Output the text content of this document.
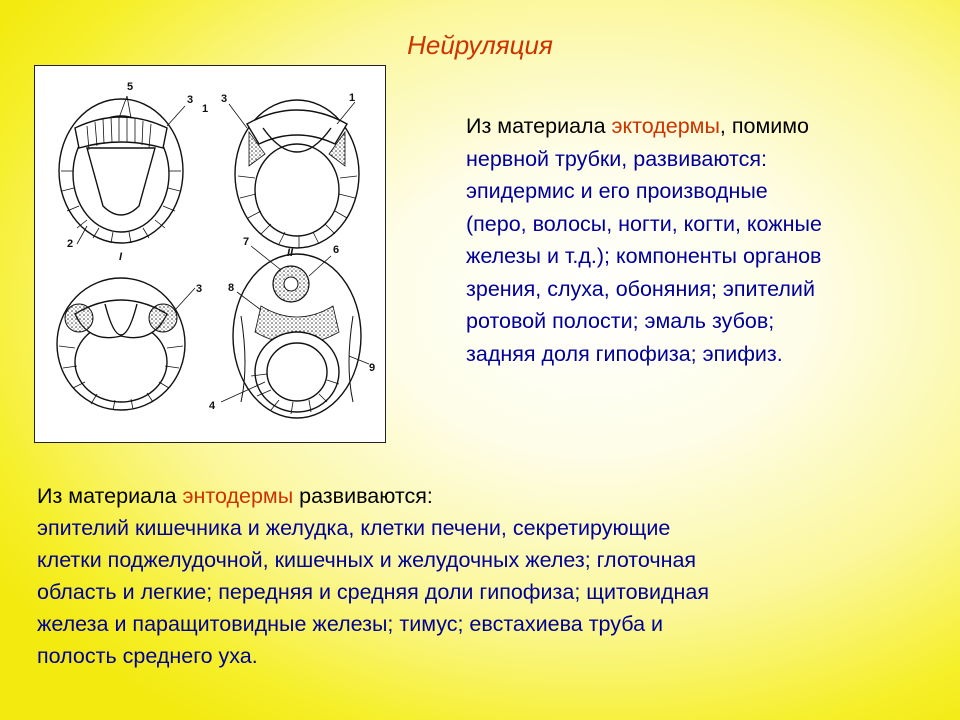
Нейруляция
5
3
1
3	1
2
I	II
3
7
6
8
9
4
Из материала эктодермы, помимо
нервной трубки, развиваются:
эпидермис и его производные
(перо, волосы, ногти, когти, кожные
железы и т.д.); компоненты органов
зрения, слуха, обоняния; эпителий
ротовой полости; эмаль зубов;
задняя доля гипофиза; эпифиз.
Из материала энтодермы развиваются:
эпителий кишечника и желудка, клетки печени, секретирующие
клетки поджелудочной, кишечных и желудочных желез; глоточная
область и легкие; передняя и средняя доли гипофиза; щитовидная
железа и паращитовидные железы; тимус; евстахиева труба и
полость среднего уха.
